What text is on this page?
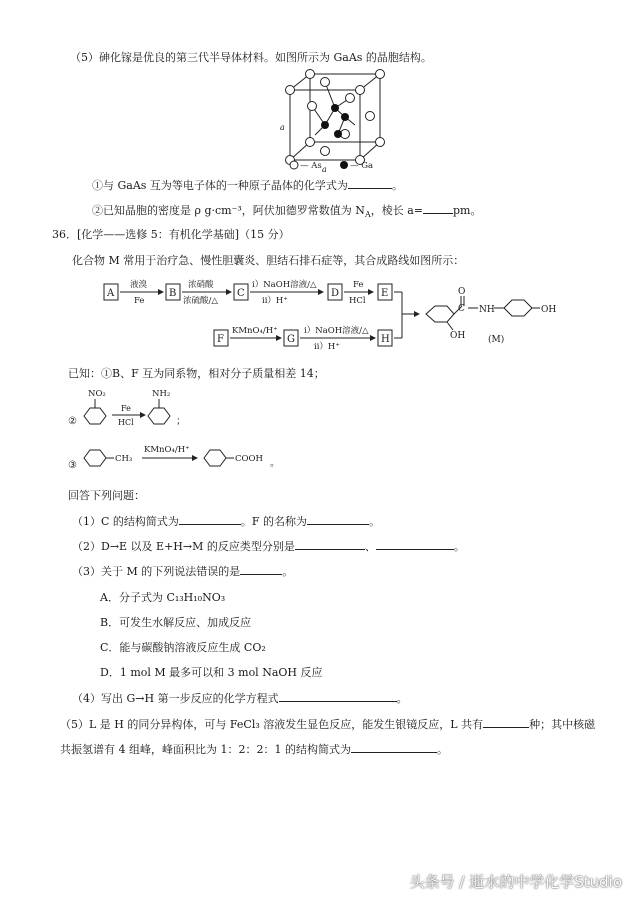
（5）砷化镓是优良的第三代半导体材料。如图所示为 GaAs 的晶胞结构。
a
a
— As	— Ga
①与 GaAs 互为等电子体的一种原子晶体的化学式为	。
②已知晶胞的密度是 ρ g·cm⁻³，阿伏加德罗常数值为 $N_A$，棱长 a=	pm。
36．[化学——选修 5：有机化学基础]（15 分）
化合物 M 常用于治疗急、慢性胆囊炎、胆结石排石症等，其合成路线如图所示：
A
液溴
Fe
B
浓硝酸
浓硫酸/△
C
i）NaOH溶液/△
ii）H⁺
D
Fe
HCl
E
F
KMnO₄/H⁺
G
i）NaOH溶液/△
ii）H⁺
H
O
C NH	OH
OH	(M)
已知：①B、F 互为同系物，相对分子质量相差 14；
②
NO₂
Fe
HCl
NH₂
；
③
CH₃
KMnO₄/H⁺
COOH 。
回答下列问题：
（1）C 的结构简式为	。F 的名称为	。
（2）D→E 以及 E+H→M 的反应类型分别是	、	。
（3）关于 M 的下列说法错误的是	。
A．分子式为 C₁₃H₁₀NO₃
B．可发生水解反应、加成反应
C．能与碳酸钠溶液反应生成 CO₂
D．1 mol M 最多可以和 3 mol NaOH 反应
（4）写出 G→H 第一步反应的化学方程式	。
（5）L 是 H 的同分异构体，可与 FeCl₃ 溶液发生显色反应，能发生银镜反应，L 共有	种；其中核磁
共振氢谱有 4 组峰，峰面积比为 1：2：2：1 的结构简式为	。
头条号 / 逝水的中学化学Studio
